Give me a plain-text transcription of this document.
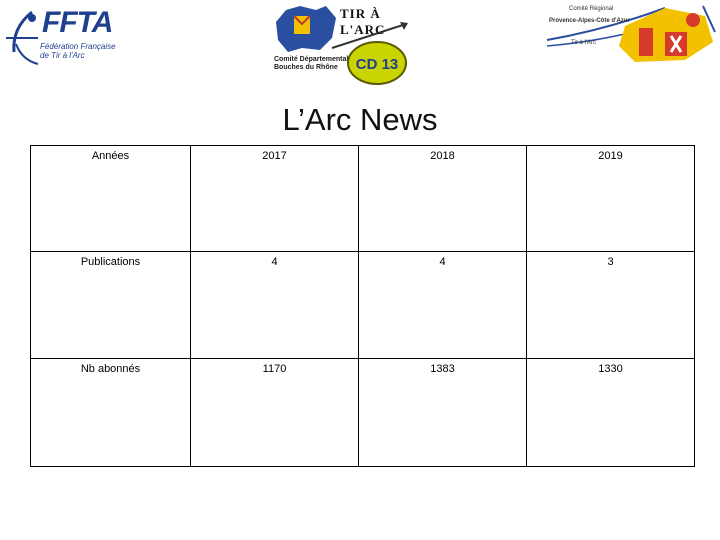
FFTA
Fédération Française de Tir à l'Arc
TIR À L'ARC
Comité Départemental Bouches du Rhône	CD 13
Comité Régional
Provence-Alpes-Côte d'Azur
Tir à l'Arc
L’Arc News
Années	2017	2018	2019
Publications	4	4	3
Nb abonnés	1170	1383	1330
